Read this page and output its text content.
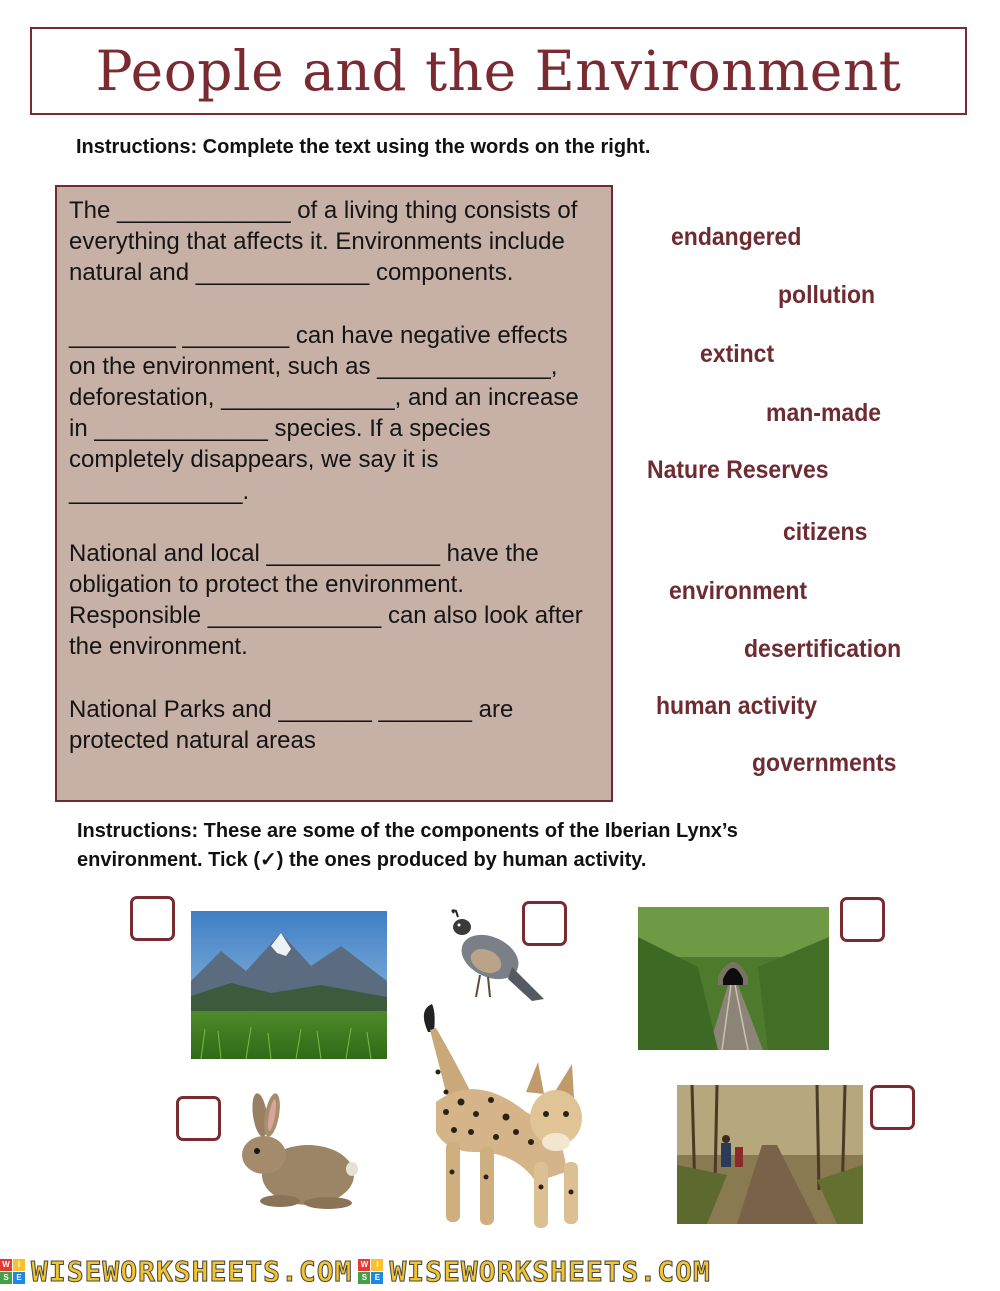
People and the Environment
Instructions: Complete the text using the words on the right.

The _____________ of a living thing consists of everything that affects it. Environments include natural and _____________ components.

________ ________ can have negative effects on the environment, such as _____________, deforestation, _____________, and an increase in _____________ species. If a species completely disappears, we say it is _____________.

National and local _____________ have the obligation to protect the environment. Responsible _____________ can also look after the environment.

National Parks and _______ _______ are protected natural areas

endangered
pollution
extinct
man-made
Nature Reserves
citizens
environment
desertification
human activity
governments
Instructions: These are some of the components of the Iberian Lynx’s
environment. Tick (✓) the ones produced by human activity.
W	I
S E WISEWORKSHEETS.COM W	I
S E WISEWORKSHEETS.COM
